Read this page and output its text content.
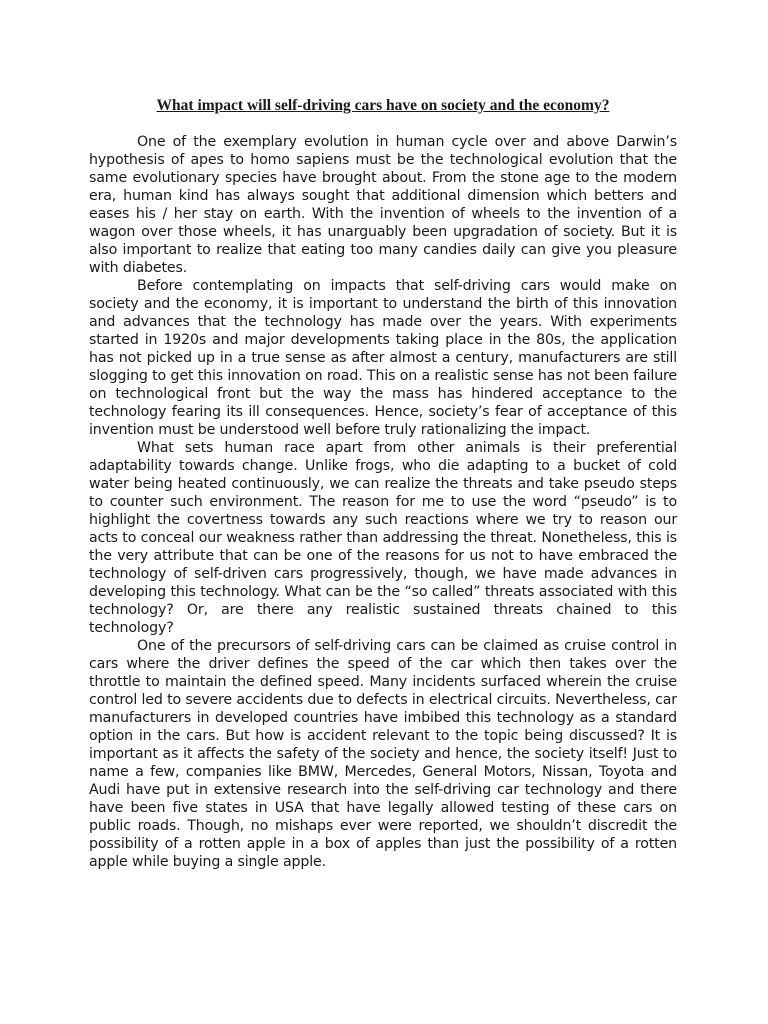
What impact will self-driving cars have on society and the economy?

One of the exemplary evolution in human cycle over and above Darwin’s hypothesis of apes to homo sapiens must be the technological evolution that the same evolutionary species have brought about. From the stone age to the modern era, human kind has always sought that additional dimension which betters and eases his / her stay on earth. With the invention of wheels to the invention of a wagon over those wheels, it has unarguably been upgradation of society. But it is also important to realize that eating too many candies daily can give you pleasure with diabetes.

Before contemplating on impacts that self-driving cars would make on society and the economy, it is important to understand the birth of this innovation and advances that the technology has made over the years. With experiments started in 1920s and major developments taking place in the 80s, the application has not picked up in a true sense as after almost a century, manufacturers are still slogging to get this innovation on road. This on a realistic sense has not been failure on technological front but the way the mass has hindered acceptance to the technology fearing its ill consequences. Hence, society’s fear of acceptance of this invention must be understood well before truly rationalizing the impact.

What sets human race apart from other animals is their preferential adaptability towards change. Unlike frogs, who die adapting to a bucket of cold water being heated continuously, we can realize the threats and take pseudo steps to counter such environment. The reason for me to use the word “pseudo” is to highlight the covertness towards any such reactions where we try to reason our acts to conceal our weakness rather than addressing the threat. Nonetheless, this is the very attribute that can be one of the reasons for us not to have embraced the technology of self-driven cars progressively, though, we have made advances in developing this technology. What can be the “so called” threats associated with this technology? Or, are there any realistic sustained threats chained to this technology?

One of the precursors of self-driving cars can be claimed as cruise control in cars where the driver defines the speed of the car which then takes over the throttle to maintain the defined speed. Many incidents surfaced wherein the cruise control led to severe accidents due to defects in electrical circuits. Nevertheless, car manufacturers in developed countries have imbibed this technology as a standard option in the cars. But how is accident relevant to the topic being discussed? It is important as it affects the safety of the society and hence, the society itself! Just to name a few, companies like BMW, Mercedes, General Motors, Nissan, Toyota and Audi have put in extensive research into the self-driving car technology and there have been five states in USA that have legally allowed testing of these cars on public roads. Though, no mishaps ever were reported, we shouldn’t discredit the possibility of a rotten apple in a box of apples than just the possibility of a rotten apple while buying a single apple.
